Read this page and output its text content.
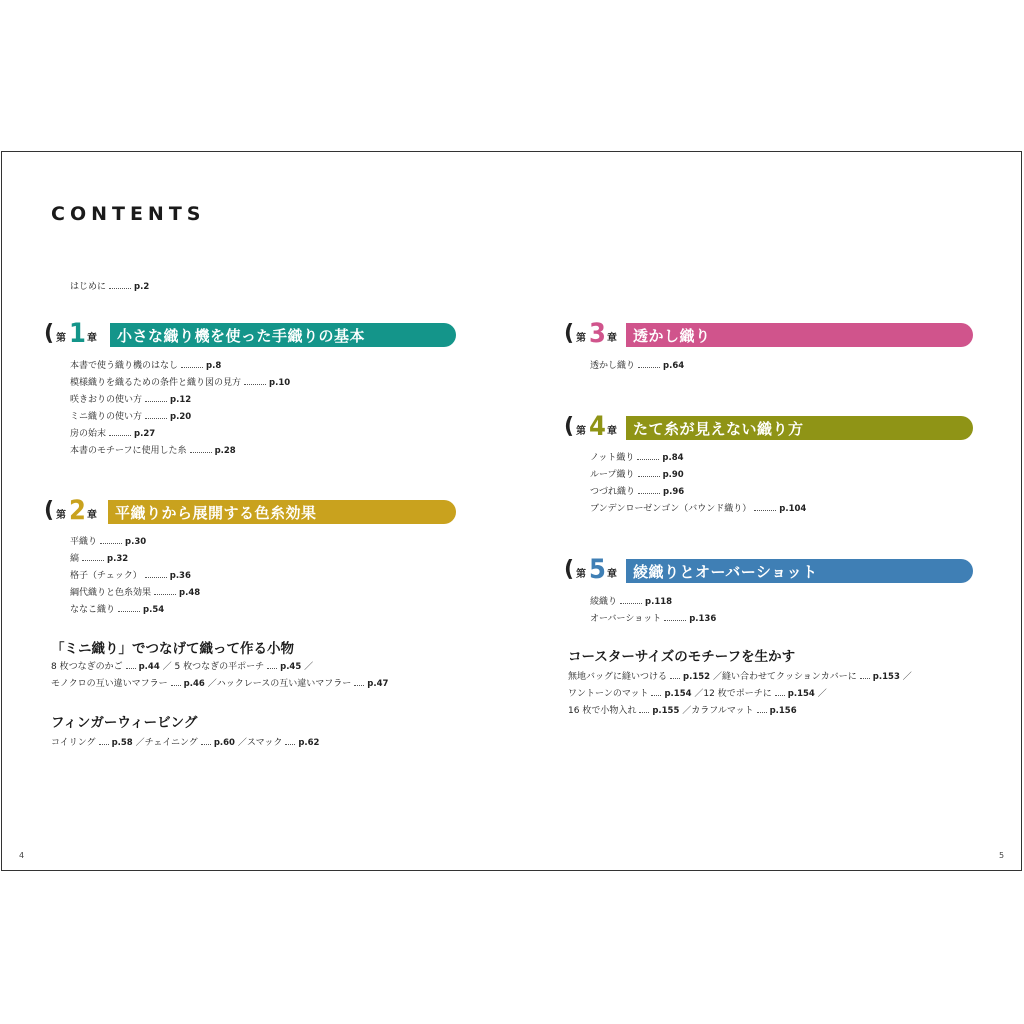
CONTENTS
はじめに	p.2
( 第 1 章 小さな織り機を使った手織りの基本
本書で使う織り機のはなし	p.8
模様織りを織るための条件と織り図の見方	p.10
咲きおりの使い方	p.12
ミニ織りの使い方	p.20
房の始末	p.27
本書のモチーフに使用した糸	p.28
( 第 2 章 平織りから展開する色糸効果
平織り	p.30
縞	p.32
格子（チェック）	p.36
綱代織りと色糸効果	p.48
ななこ織り	p.54
「ミニ織り」でつなげて織って作る小物
8 枚つなぎのかご p.44 ／ 5 枚つなぎの平ポーチ p.45 ／
モノクロの互い違いマフラー p.46 ／ハックレースの互い違いマフラー p.47
フィンガーウィービング
コイリング p.58 ／チェイニング p.60 ／スマック p.62
( 第 3 章 透かし織り
透かし織り	p.64
( 第 4 章 たて糸が見えない織り方
ノット織り	p.84
ループ織り	p.90
つづれ織り	p.96
ブンデンローゼンゴン（バウンド織り）	p.104
( 第 5 章 綾織りとオーバーショット
綾織り	p.118
オーバーショット	p.136
コースターサイズのモチーフを生かす
無地バッグに縫いつける p.152 ／縫い合わせてクッションカバーに p.153 ／
ワントーンのマット p.154 ／12 枚でポーチに p.154 ／
16 枚で小物入れ p.155 ／カラフルマット p.156
4	5
